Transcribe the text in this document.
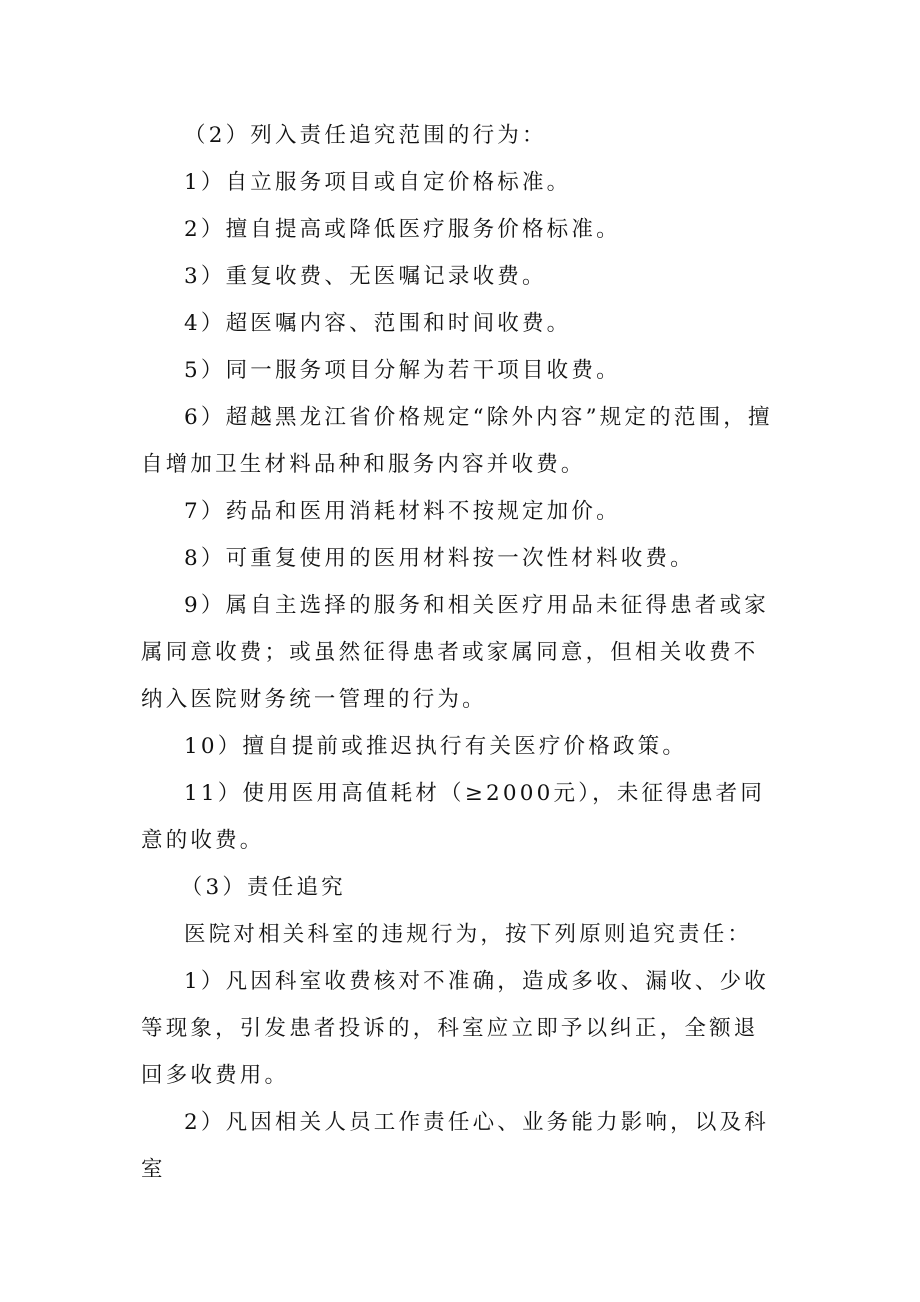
（2）列入责任追究范围的行为：

1）自立服务项目或自定价格标准。

2）擅自提高或降低医疗服务价格标准。

3）重复收费、无医嘱记录收费。

4）超医嘱内容、范围和时间收费。

5）同一服务项目分解为若干项目收费。

6）超越黑龙江省价格规定“除外内容”规定的范围，擅自增加卫生材料品种和服务内容并收费。

7）药品和医用消耗材料不按规定加价。

8）可重复使用的医用材料按一次性材料收费。

9）属自主选择的服务和相关医疗用品未征得患者或家属同意收费；或虽然征得患者或家属同意，但相关收费不纳入医院财务统一管理的行为。

10）擅自提前或推迟执行有关医疗价格政策。

11）使用医用高值耗材（≥2000元），未征得患者同意的收费。

（3）责任追究

医院对相关科室的违规行为，按下列原则追究责任：

1）凡因科室收费核对不准确，造成多收、漏收、少收等现象，引发患者投诉的，科室应立即予以纠正，全额退回多收费用。

2）凡因相关人员工作责任心、业务能力影响，以及科室
